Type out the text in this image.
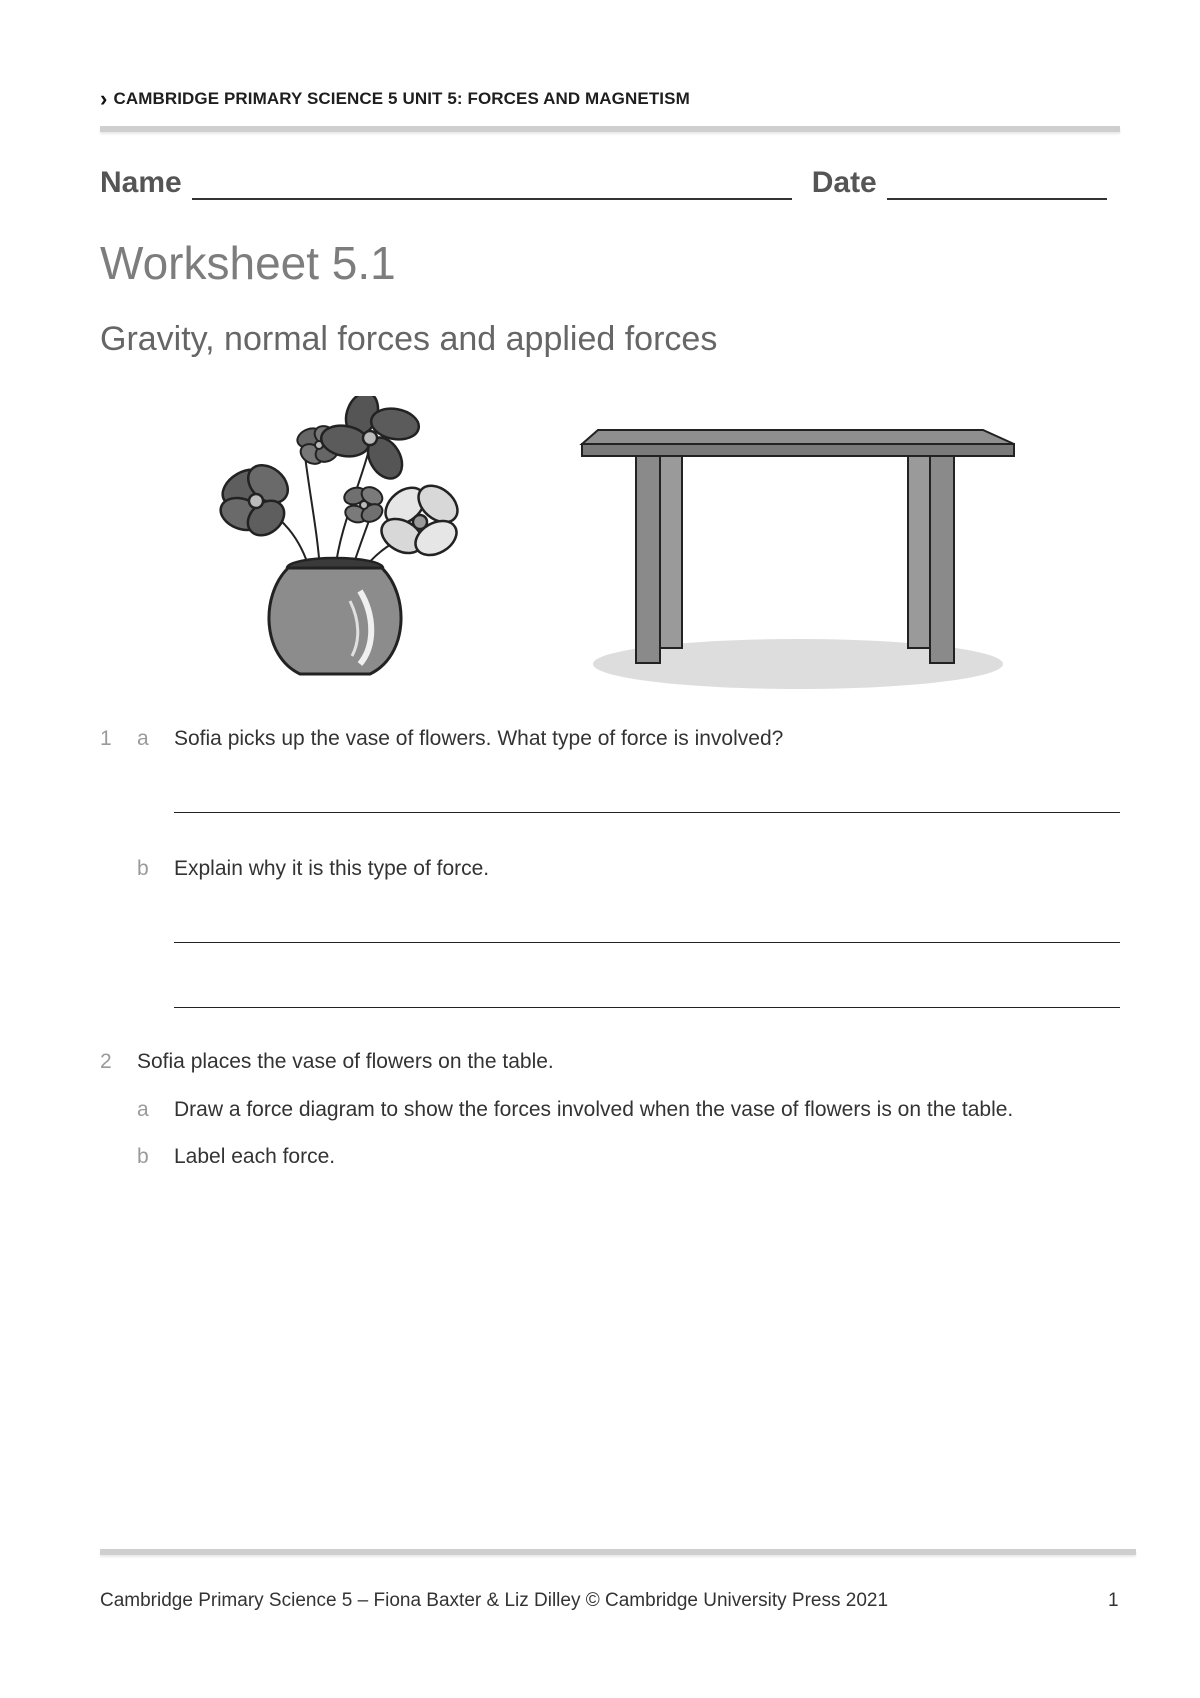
› CAMBRIDGE PRIMARY SCIENCE 5 UNIT 5: FORCES AND MAGNETISM
Name	Date
Worksheet 5.1
Gravity, normal forces and applied forces
1 a Sofia picks up the vase of flowers. What type of force is involved?
b Explain why it is this type of force.
2 Sofia places the vase of flowers on the table.
a Draw a force diagram to show the forces involved when the vase of flowers is on the table.
b Label each force.
Cambridge Primary Science 5 – Fiona Baxter & Liz Dilley © Cambridge University Press 2021	1
